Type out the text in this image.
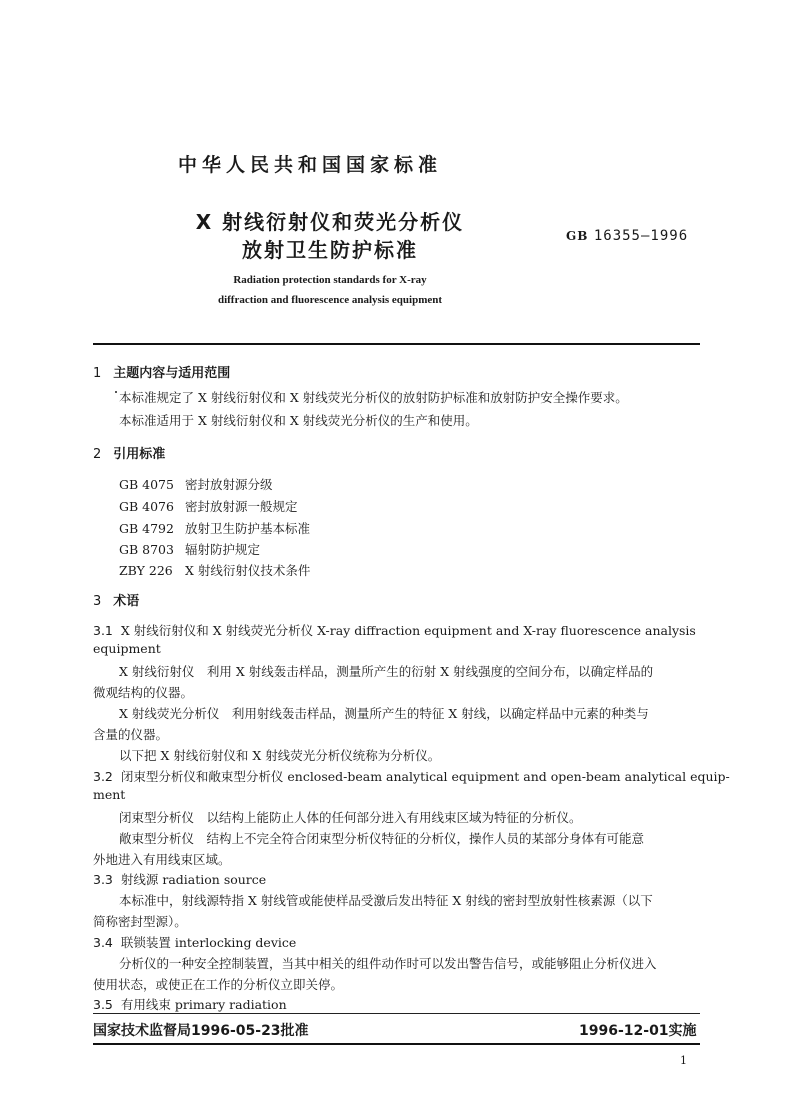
中华人民共和国国家标准
X 射线衍射仪和荧光分析仪
放射卫生防护标准
GB 16355—1996
Radiation protection standards for X-ray
diffraction and fluorescence analysis equipment
1 主题内容与适用范围
本标准规定了 X 射线衍射仪和 X 射线荧光分析仪的放射防护标准和放射防护安全操作要求。
本标准适用于 X 射线衍射仪和 X 射线荧光分析仪的生产和使用。
2 引用标准
GB 4075 密封放射源分级
GB 4076 密封放射源一般规定
GB 4792 放射卫生防护基本标准
GB 8703 辐射防护规定
ZBY 226 X 射线衍射仪技术条件
3 术语
3.1 X 射线衍射仪和 X 射线荧光分析仪 X-ray diffraction equipment and X-ray fluorescence analysis
equipment
X 射线衍射仪　利用 X 射线轰击样品，测量所产生的衍射 X 射线强度的空间分布，以确定样品的
微观结构的仪器。
X 射线荧光分析仪　利用射线轰击样品，测量所产生的特征 X 射线，以确定样品中元素的种类与
含量的仪器。
以下把 X 射线衍射仪和 X 射线荧光分析仪统称为分析仪。
3.2 闭束型分析仪和敞束型分析仪 enclosed-beam analytical equipment and open-beam analytical equip-
ment
闭束型分析仪　以结构上能防止人体的任何部分进入有用线束区域为特征的分析仪。
敞束型分析仪　结构上不完全符合闭束型分析仪特征的分析仪，操作人员的某部分身体有可能意
外地进入有用线束区域。
3.3 射线源 radiation source
本标准中，射线源特指 X 射线管或能使样品受激后发出特征 X 射线的密封型放射性核素源（以下
简称密封型源）。
3.4 联锁装置 interlocking device
分析仪的一种安全控制装置，当其中相关的组件动作时可以发出警告信号，或能够阻止分析仪进入
使用状态，或使正在工作的分析仪立即关停。
3.5 有用线束 primary radiation
国家技术监督局1996-05-23批准	1996-12-01实施
1
